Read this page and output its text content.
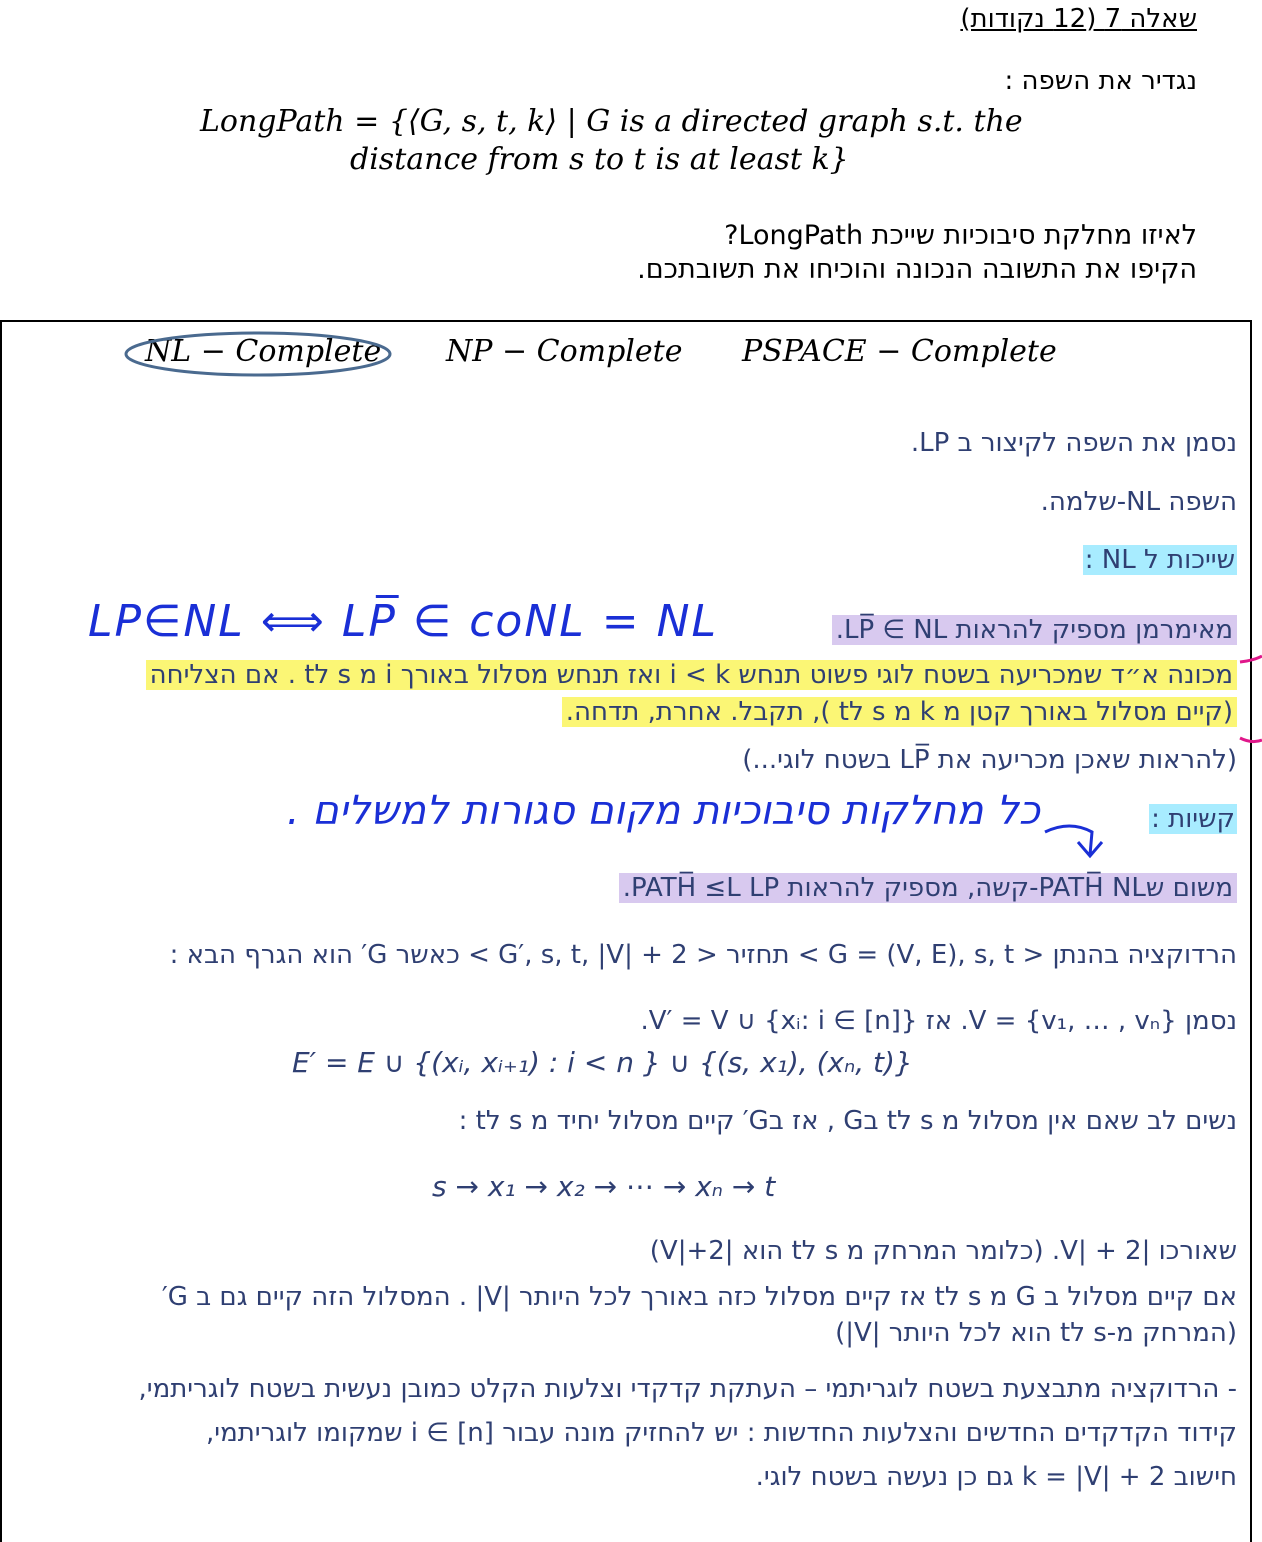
שאלה 7 (12 נקודות)
נגדיר את השפה :
LongPath = {⟨G, s, t, k⟩ | G is a directed graph s.t. the
distance from s to t is at least k}
לאיזו מחלקת סיבוכיות שייכת LongPath?
הקיפו את התשובה הנכונה והוכיחו את תשובתכם.
NL − Complete NP − Complete PSPACE − Complete
נסמן את השפה לקיצור ב LP.
השפה NL-שלמה.
שייכות ל NL :
מאימרמן מספיק להראות LP̅ ∈ NL.
LP∈NL ⟺ LP̅ ∈ coNL = NL
מכונה א״ד שמכריעה בשטח לוגי פשוט תנחש i < k ואז תנחש מסלול באורך i מ s לt . אם הצליחה
(קיים מסלול באורך קטן מ k מ s לt ), תקבל. אחרת, תדחה.
(להראות שאכן מכריעה את LP̅ בשטח לוגי...)
קשיות :
כל מחלקות סיבוכיות מקום סגורות למשלים .
משום שPATH̅ NL-קשה, מספיק להראות PATH̅ ≤L LP.
הרדוקציה בהנתן < G = (V, E), s, t > תחזיר < G′, s, t, |V| + 2 > כאשר G′ הוא הגרף הבא :
נסמן V = {v₁, … , vₙ}. אז V′ = V ∪ {xᵢ: i ∈ [n]}.
E′ = E ∪ {(xᵢ, xᵢ₊₁) : i < n } ∪ {(s, x₁), (xₙ, t)}
נשים לב שאם אין מסלול מ s לt בG , אז בG′ קיים מסלול יחיד מ s לt :
s → x₁ → x₂ → ⋯ → xₙ → t
שאורכו |V| + 2. (כלומר המרחק מ s לt הוא |V|+2)
אם קיים מסלול ב G מ s לt אז קיים מסלול כזה באורך לכל היותר |V| . המסלול הזה קיים גם ב G′
(המרחק מ-s לt הוא לכל היותר |V|)
- הרדוקציה מתבצעת בשטח לוגריתמי – העתקת קדקדי וצלעות הקלט כמובן נעשית בשטח לוגריתמי,
קידוד הקדקדים החדשים והצלעות החדשות : יש להחזיק מונה עבור i ∈ [n] שמקומו לוגריתמי,
חישוב k = |V| + 2 גם כן נעשה בשטח לוגי.
